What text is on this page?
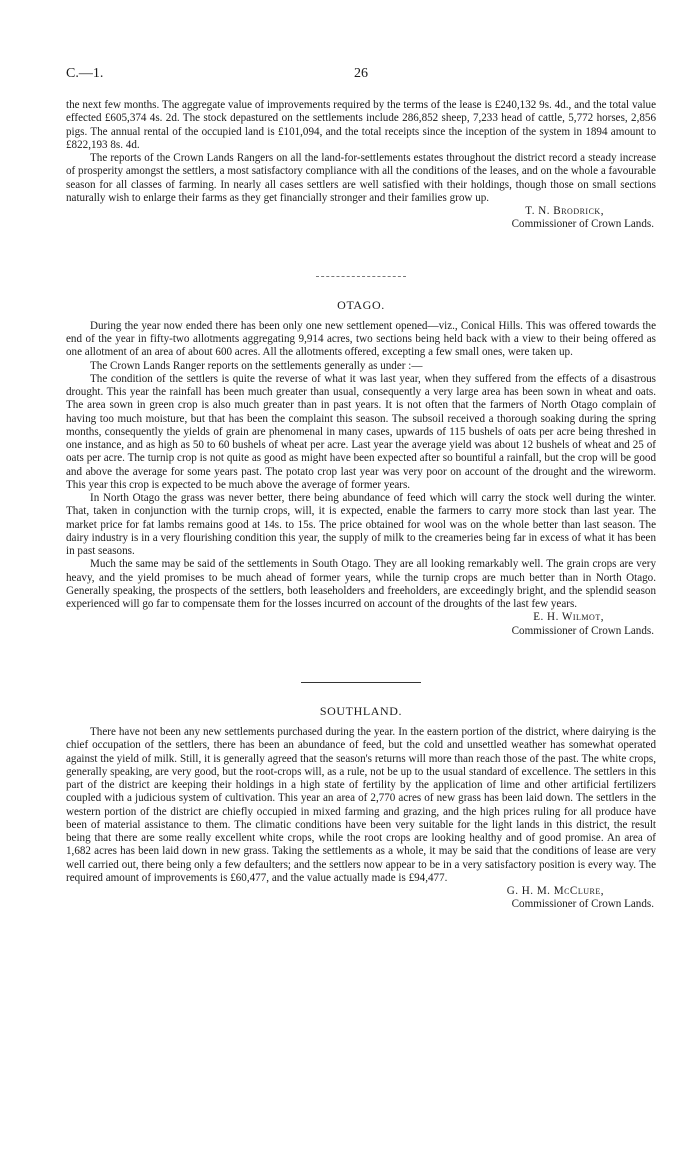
C.—1.	26

the next few months. The aggregate value of improvements required by the terms of the lease is £240,132 9s. 4d., and the total value effected £605,374 4s. 2d. The stock depastured on the settlements include 286,852 sheep, 7,233 head of cattle, 5,772 horses, 2,856 pigs. The annual rental of the occupied land is £101,094, and the total receipts since the inception of the system in 1894 amount to £822,193 8s. 4d.

The reports of the Crown Lands Rangers on all the land-for-settlements estates throughout the district record a steady increase of prosperity amongst the settlers, a most satisfactory compliance with all the conditions of the leases, and on the whole a favourable season for all classes of farming. In nearly all cases settlers are well satisfied with their holdings, though those on small sections naturally wish to enlarge their farms as they get financially stronger and their families grow up.

T. N. Brodrick,
Commissioner of Crown Lands.
OTAGO.

During the year now ended there has been only one new settlement opened—viz., Conical Hills. This was offered towards the end of the year in fifty-two allotments aggregating 9,914 acres, two sections being held back with a view to their being offered as one allotment of an area of about 600 acres. All the allotments offered, excepting a few small ones, were taken up.

The Crown Lands Ranger reports on the settlements generally as under :—

The condition of the settlers is quite the reverse of what it was last year, when they suffered from the effects of a disastrous drought. This year the rainfall has been much greater than usual, consequently a very large area has been sown in wheat and oats. The area sown in green crop is also much greater than in past years. It is not often that the farmers of North Otago complain of having too much moisture, but that has been the complaint this season. The subsoil received a thorough soaking during the spring months, consequently the yields of grain are phenomenal in many cases, upwards of 115 bushels of oats per acre being threshed in one instance, and as high as 50 to 60 bushels of wheat per acre. Last year the average yield was about 12 bushels of wheat and 25 of oats per acre. The turnip crop is not quite as good as might have been expected after so bountiful a rainfall, but the crop will be good and above the average for some years past. The potato crop last year was very poor on account of the drought and the wireworm. This year this crop is expected to be much above the average of former years.

In North Otago the grass was never better, there being abundance of feed which will carry the stock well during the winter. That, taken in conjunction with the turnip crops, will, it is expected, enable the farmers to carry more stock than last year. The market price for fat lambs remains good at 14s. to 15s. The price obtained for wool was on the whole better than last season. The dairy industry is in a very flourishing condition this year, the supply of milk to the creameries being far in excess of what it has been in past seasons.

Much the same may be said of the settlements in South Otago. They are all looking remarkably well. The grain crops are very heavy, and the yield promises to be much ahead of former years, while the turnip crops are much better than in North Otago. Generally speaking, the prospects of the settlers, both leaseholders and freeholders, are exceedingly bright, and the splendid season experienced will go far to compensate them for the losses incurred on account of the droughts of the last few years.

E. H. Wilmot,
Commissioner of Crown Lands.
SOUTHLAND.

There have not been any new settlements purchased during the year. In the eastern portion of the district, where dairying is the chief occupation of the settlers, there has been an abundance of feed, but the cold and unsettled weather has somewhat operated against the yield of milk. Still, it is generally agreed that the season's returns will more than reach those of the past. The white crops, generally speaking, are very good, but the root-crops will, as a rule, not be up to the usual standard of excellence. The settlers in this part of the district are keeping their holdings in a high state of fertility by the application of lime and other artificial fertilizers coupled with a judicious system of cultivation. This year an area of 2,770 acres of new grass has been laid down. The settlers in the western portion of the district are chiefly occupied in mixed farming and grazing, and the high prices ruling for all produce have been of material assistance to them. The climatic conditions have been very suitable for the light lands in this district, the result being that there are some really excellent white crops, while the root crops are looking healthy and of good promise. An area of 1,682 acres has been laid down in new grass. Taking the settlements as a whole, it may be said that the conditions of lease are very well carried out, there being only a few defaulters; and the settlers now appear to be in a very satisfactory position is every way. The required amount of improvements is £60,477, and the value actually made is £94,477.

G. H. M. McClure,
Commissioner of Crown Lands.
